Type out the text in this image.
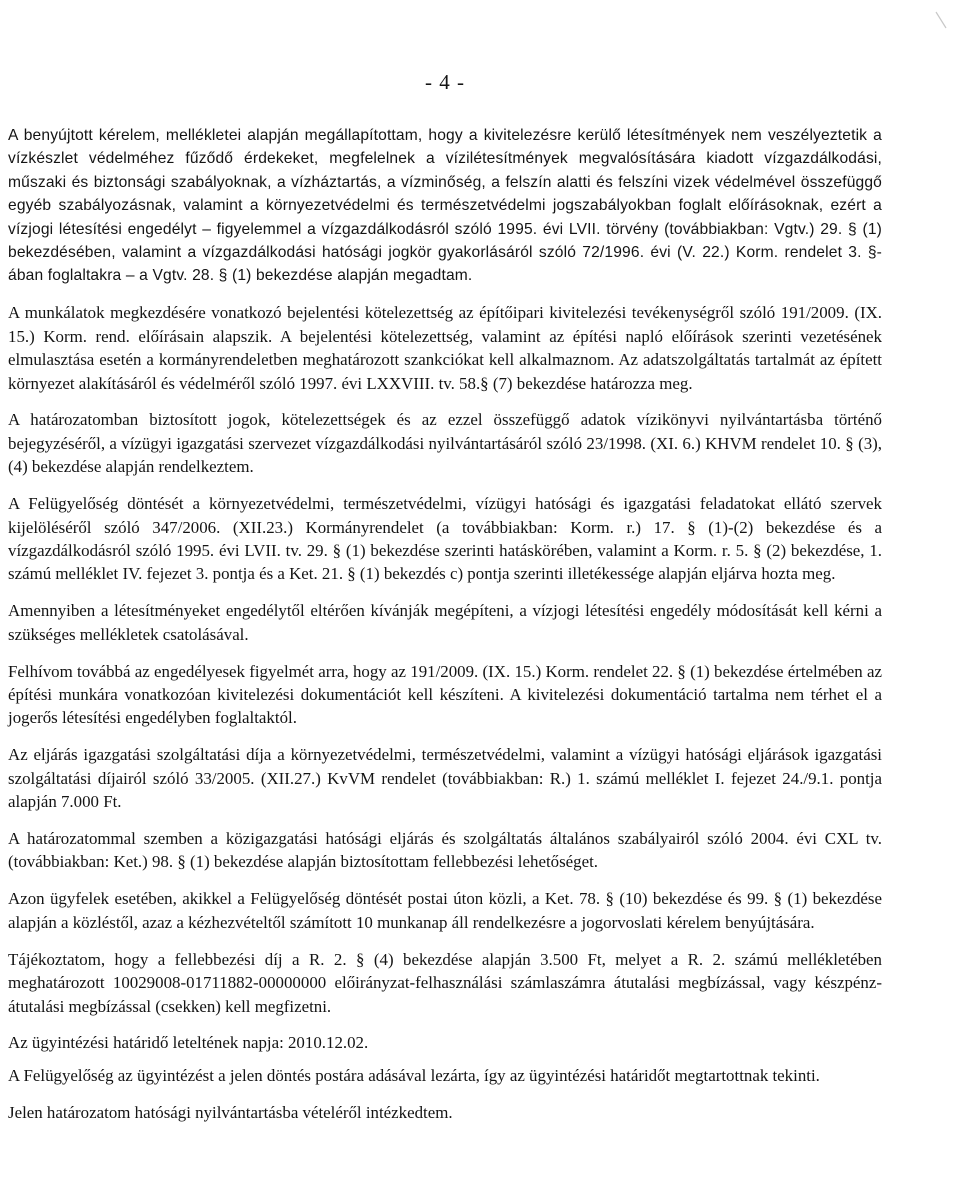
- 4 -

A benyújtott kérelem, mellékletei alapján megállapítottam, hogy a kivitelezésre kerülő létesítmények nem veszélyeztetik a vízkészlet védelméhez fűződő érdekeket, megfelelnek a vízilétesítmények megvalósítására kiadott vízgazdálkodási, műszaki és biztonsági szabályoknak, a vízháztartás, a vízminőség, a felszín alatti és felszíni vizek védelmével összefüggő egyéb szabályozásnak, valamint a környezetvédelmi és természetvédelmi jogszabályokban foglalt előírásoknak, ezért a vízjogi létesítési engedélyt – figyelemmel a vízgazdálkodásról szóló 1995. évi LVII. törvény (továbbiakban: Vgtv.) 29. § (1) bekezdésében, valamint a vízgazdálkodási hatósági jogkör gyakorlásáról szóló 72/1996. évi (V. 22.) Korm. rendelet 3. §-ában foglaltakra – a Vgtv. 28. § (1) bekezdése alapján megadtam.

A munkálatok megkezdésére vonatkozó bejelentési kötelezettség az építőipari kivitelezési tevékenységről szóló 191/2009. (IX. 15.) Korm. rend. előírásain alapszik. A bejelentési kötelezettség, valamint az építési napló előírások szerinti vezetésének elmulasztása esetén a kormányrendeletben meghatározott szankciókat kell alkalmaznom. Az adatszolgáltatás tartalmát az épített környezet alakításáról és védelméről szóló 1997. évi LXXVIII. tv. 58.§ (7) bekezdése határozza meg.

A határozatomban biztosított jogok, kötelezettségek és az ezzel összefüggő adatok vízikönyvi nyilvántartásba történő bejegyzéséről, a vízügyi igazgatási szervezet vízgazdálkodási nyilvántartásáról szóló 23/1998. (XI. 6.) KHVM rendelet 10. § (3), (4) bekezdése alapján rendelkeztem.

A Felügyelőség döntését a környezetvédelmi, természetvédelmi, vízügyi hatósági és igazgatási feladatokat ellátó szervek kijelöléséről szóló 347/2006. (XII.23.) Kormányrendelet (a továbbiakban: Korm. r.) 17. § (1)-(2) bekezdése és a vízgazdálkodásról szóló 1995. évi LVII. tv. 29. § (1) bekezdése szerinti hatáskörében, valamint a Korm. r. 5. § (2) bekezdése, 1. számú melléklet IV. fejezet 3. pontja és a Ket. 21. § (1) bekezdés c) pontja szerinti illetékessége alapján eljárva hozta meg.

Amennyiben a létesítményeket engedélytől eltérően kívánják megépíteni, a vízjogi létesítési engedély módosítását kell kérni a szükséges mellékletek csatolásával.

Felhívom továbbá az engedélyesek figyelmét arra, hogy az 191/2009. (IX. 15.) Korm. rendelet 22. § (1) bekezdése értelmében az építési munkára vonatkozóan kivitelezési dokumentációt kell készíteni. A kivitelezési dokumentáció tartalma nem térhet el a jogerős létesítési engedélyben foglaltaktól.

Az eljárás igazgatási szolgáltatási díja a környezetvédelmi, természetvédelmi, valamint a vízügyi hatósági eljárások igazgatási szolgáltatási díjairól szóló 33/2005. (XII.27.) KvVM rendelet (továbbiakban: R.) 1. számú melléklet I. fejezet 24./9.1. pontja alapján 7.000 Ft.

A határozatommal szemben a közigazgatási hatósági eljárás és szolgáltatás általános szabályairól szóló 2004. évi CXL tv. (továbbiakban: Ket.) 98. § (1) bekezdése alapján biztosítottam fellebbezési lehetőséget.

Azon ügyfelek esetében, akikkel a Felügyelőség döntését postai úton közli, a Ket. 78. § (10) bekezdése és 99. § (1) bekezdése alapján a közléstől, azaz a kézhezvételtől számított 10 munkanap áll rendelkezésre a jogorvoslati kérelem benyújtására.

Tájékoztatom, hogy a fellebbezési díj a R. 2. § (4) bekezdése alapján 3.500 Ft, melyet a R. 2. számú mellékletében meghatározott 10029008-01711882-00000000 előirányzat-felhasználási számlaszámra átutalási megbízással, vagy készpénz-átutalási megbízással (csekken) kell megfizetni.

Az ügyintézési határidő leteltének napja: 2010.12.02.

A Felügyelőség az ügyintézést a jelen döntés postára adásával lezárta, így az ügyintézési határidőt megtartottnak tekinti.

Jelen határozatom hatósági nyilvántartásba vételéről intézkedtem.
